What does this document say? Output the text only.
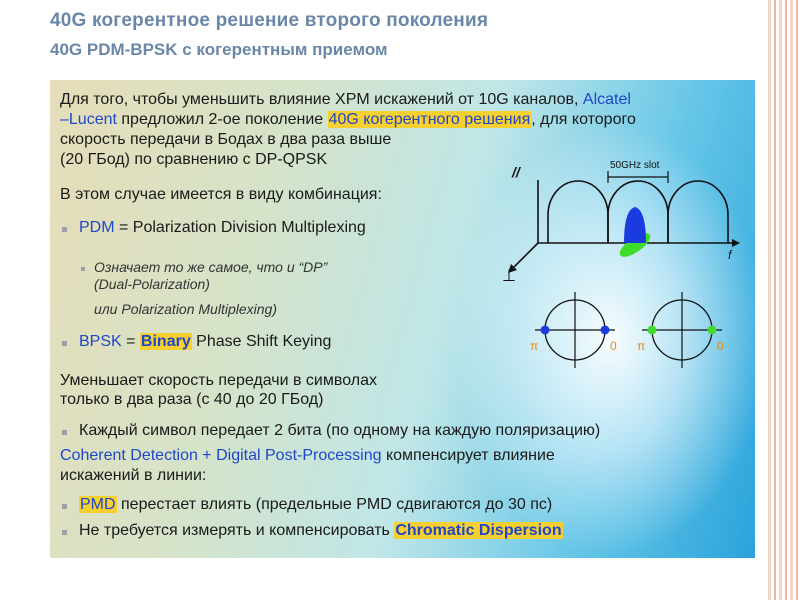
40G когерентное решение второго поколения
40G PDM-BPSK с когерентным приемом
Для того, чтобы уменьшить влияние XPM искажений от 10G каналов, Alcatel
–Lucent предложил 2-ое поколение 40G когерентного решения, для которого
скорость передачи в Бодах в два раза выше
(20 ГБод) по сравнению с DP-QPSK
В этом случае имеется в виду комбинация:
PDM = Polarization Division Multiplexing
Означает то же самое, что и “DP”
(Dual-Polarization)
или Polarization Multiplexing)
BPSK = Binary Phase Shift Keying
Уменьшает скорость передачи в символах
только в два раза (с 40 до 20 ГБод)
Каждый символ передает 2 бита (по одному на каждую поляризацию)
Coherent Detection + Digital Post-Processing компенсирует влияние
искажений в линии:
PMD перестает влиять (предельные PMD сдвигаются до 30 пс)
Не требуется измерять и компенсировать Chromatic Dispersion
50GHz slot
//
f
⊥
π	0 π	0
